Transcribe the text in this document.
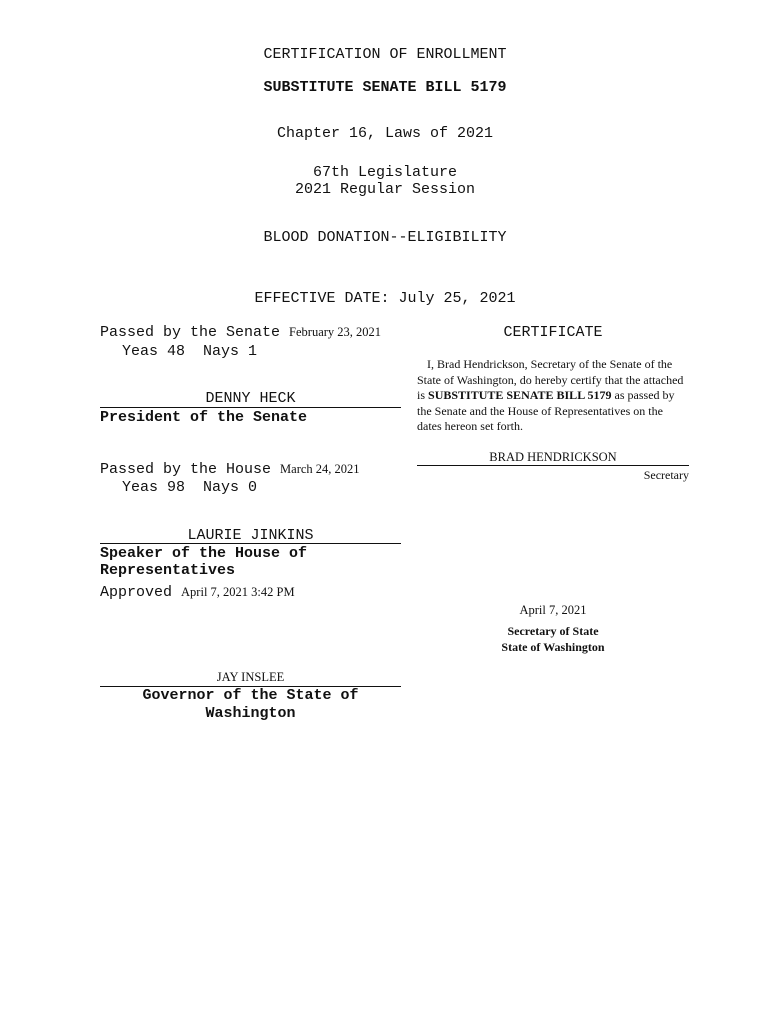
CERTIFICATION OF ENROLLMENT
SUBSTITUTE SENATE BILL 5179
Chapter 16, Laws of 2021
67th Legislature
2021 Regular Session
BLOOD DONATION--ELIGIBILITY
EFFECTIVE DATE: July 25, 2021
Passed by the Senate February 23, 2021
Yeas 48  Nays 1
DENNY HECK
President of the Senate
Passed by the House March 24, 2021
Yeas 98  Nays 0
LAURIE JINKINS
Speaker of the House of
Representatives
Approved April 7, 2021 3:42 PM
JAY INSLEE
Governor of the State of
Washington
CERTIFICATE
I, Brad Hendrickson, Secretary of the Senate of the State of Washington, do hereby certify that the attached is SUBSTITUTE SENATE BILL 5179 as passed by the Senate and the House of Representatives on the dates hereon set forth.
BRAD HENDRICKSON
Secretary
April 7, 2021
Secretary of State
State of Washington
